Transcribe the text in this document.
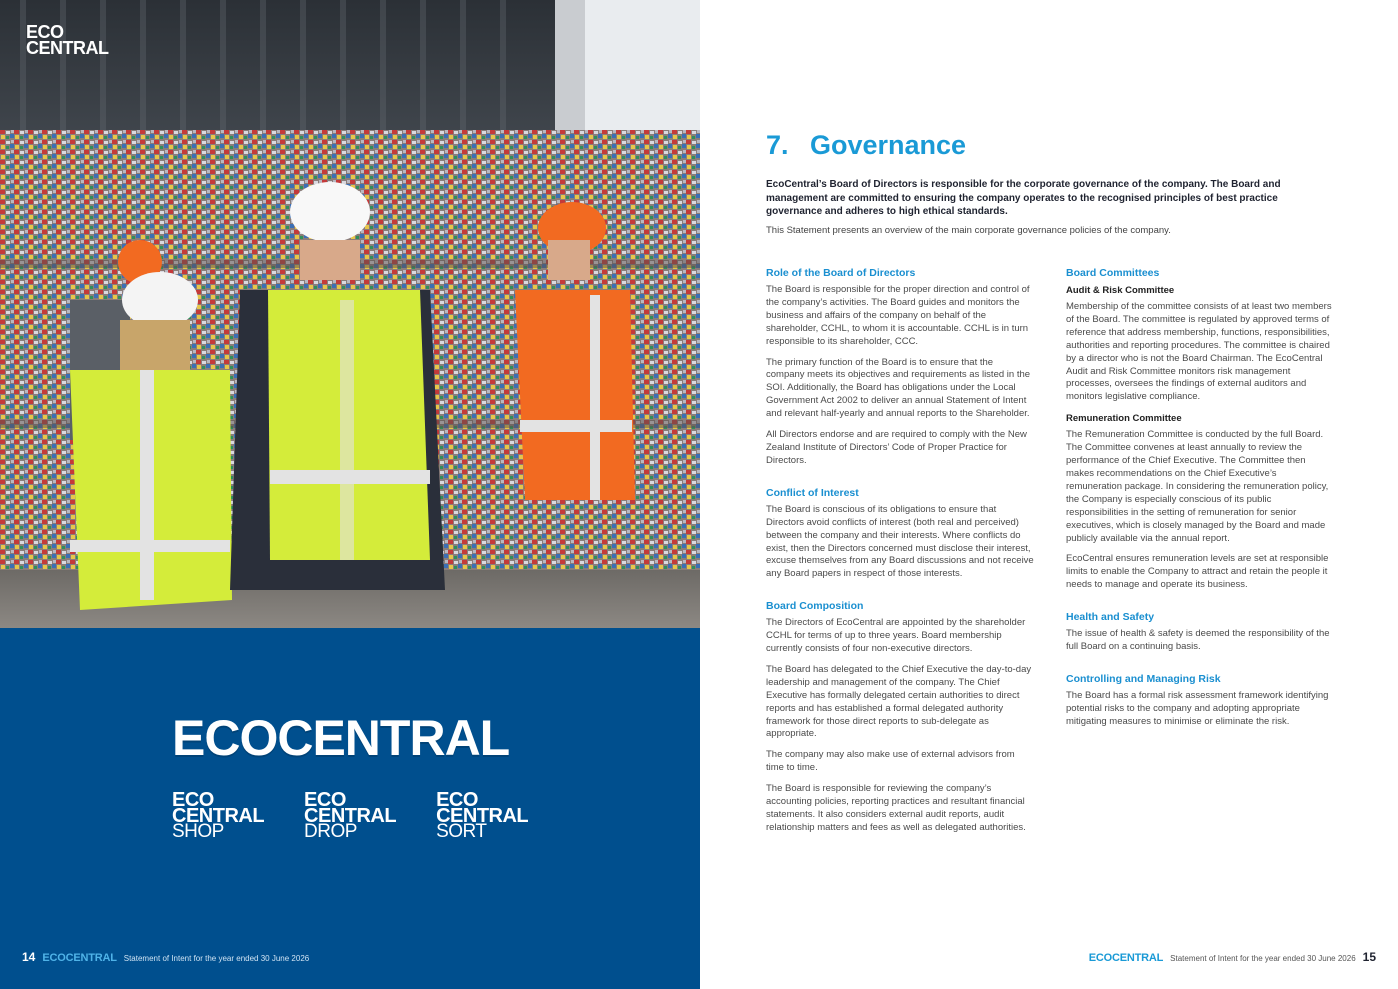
ECO
CENTRAL
ECOCENTRAL
ECO
CENTRAL
SHOP
ECO
CENTRAL
DROP
ECO
CENTRAL
SORT
14 ECOCENTRAL Statement of Intent for the year ended 30 June 2026
7. Governance
EcoCentral’s Board of Directors is responsible for the corporate governance of the company. The Board and management are committed to ensuring the company operates to the recognised principles of best practice governance and adheres to high ethical standards.
This Statement presents an overview of the main corporate governance policies of the company.
Role of the Board of Directors

The Board is responsible for the proper direction and control of the company’s activities. The Board guides and monitors the business and affairs of the company on behalf of the shareholder, CCHL, to whom it is accountable. CCHL is in turn responsible to its shareholder, CCC.

The primary function of the Board is to ensure that the company meets its objectives and requirements as listed in the SOI. Additionally, the Board has obligations under the Local Government Act 2002 to deliver an annual Statement of Intent and relevant half-yearly and annual reports to the Shareholder.

All Directors endorse and are required to comply with the New Zealand Institute of Directors’ Code of Proper Practice for Directors.

Conflict of Interest

The Board is conscious of its obligations to ensure that Directors avoid conflicts of interest (both real and perceived) between the company and their interests. Where conflicts do exist, then the Directors concerned must disclose their interest, excuse themselves from any Board discussions and not receive any Board papers in respect of those interests.

Board Composition

The Directors of EcoCentral are appointed by the shareholder CCHL for terms of up to three years. Board membership currently consists of four non-executive directors.

The Board has delegated to the Chief Executive the day-to-day leadership and management of the company. The Chief Executive has formally delegated certain authorities to direct reports and has established a formal delegated authority framework for those direct reports to sub-delegate as appropriate.

The company may also make use of external advisors from time to time.

The Board is responsible for reviewing the company’s accounting policies, reporting practices and resultant financial statements. It also considers external audit reports, audit relationship matters and fees as well as delegated authorities.

Board Committees
Audit & Risk Committee

Membership of the committee consists of at least two members of the Board. The committee is regulated by approved terms of reference that address membership, functions, responsibilities, authorities and reporting procedures. The committee is chaired by a director who is not the Board Chairman. The EcoCentral Audit and Risk Committee monitors risk management processes, oversees the findings of external auditors and monitors legislative compliance.

Remuneration Committee

The Remuneration Committee is conducted by the full Board. The Committee convenes at least annually to review the performance of the Chief Executive. The Committee then makes recommendations on the Chief Executive’s remuneration package. In considering the remuneration policy, the Company is especially conscious of its public responsibilities in the setting of remuneration for senior executives, which is closely managed by the Board and made publicly available via the annual report.

EcoCentral ensures remuneration levels are set at responsible limits to enable the Company to attract and retain the people it needs to manage and operate its business.

Health and Safety

The issue of health & safety is deemed the responsibility of the full Board on a continuing basis.

Controlling and Managing Risk

The Board has a formal risk assessment framework identifying potential risks to the company and adopting appropriate mitigating measures to minimise or eliminate the risk.

ECOCENTRAL Statement of Intent for the year ended 30 June 2026 15
